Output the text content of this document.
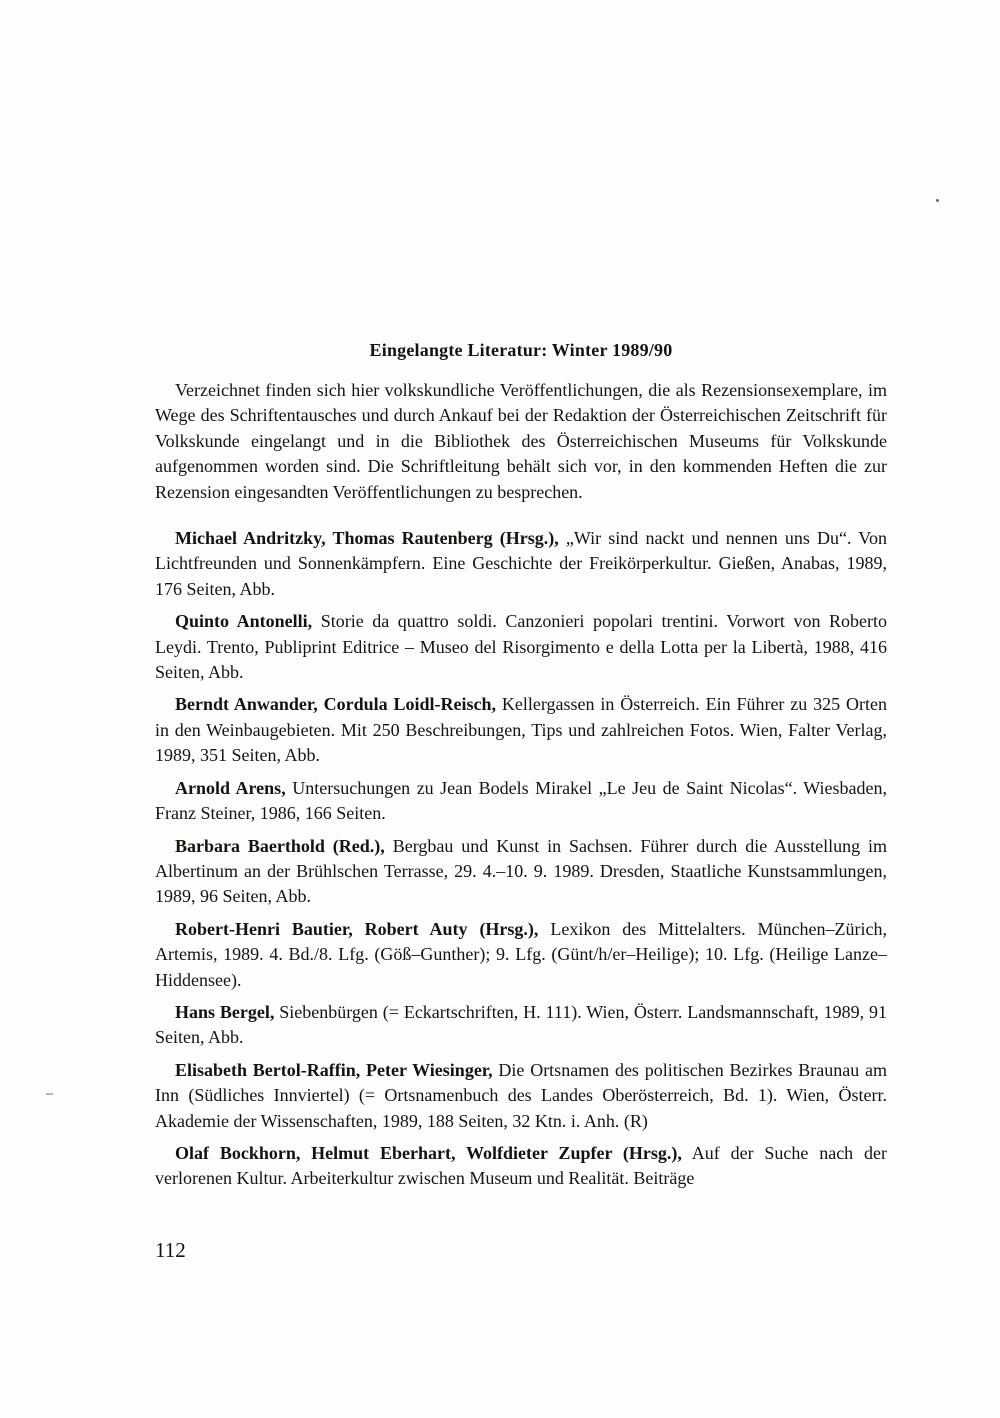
Eingelangte Literatur: Winter 1989/90

Verzeichnet finden sich hier volkskundliche Veröffentlichungen, die als Rezensionsexemplare, im Wege des Schriftentausches und durch Ankauf bei der Redaktion der Österreichischen Zeitschrift für Volkskunde eingelangt und in die Bibliothek des Österreichischen Museums für Volkskunde aufgenommen worden sind. Die Schriftleitung behält sich vor, in den kommenden Heften die zur Rezension eingesandten Veröffentlichungen zu besprechen.

Michael Andritzky, Thomas Rautenberg (Hrsg.), „Wir sind nackt und nennen uns Du“. Von Lichtfreunden und Sonnenkämpfern. Eine Geschichte der Freikörperkultur. Gießen, Anabas, 1989, 176 Seiten, Abb.

Quinto Antonelli, Storie da quattro soldi. Canzonieri popolari trentini. Vorwort von Roberto Leydi. Trento, Publiprint Editrice – Museo del Risorgimento e della Lotta per la Libertà, 1988, 416 Seiten, Abb.

Berndt Anwander, Cordula Loidl-Reisch, Kellergassen in Österreich. Ein Führer zu 325 Orten in den Weinbaugebieten. Mit 250 Beschreibungen, Tips und zahlreichen Fotos. Wien, Falter Verlag, 1989, 351 Seiten, Abb.

Arnold Arens, Untersuchungen zu Jean Bodels Mirakel „Le Jeu de Saint Nicolas“. Wiesbaden, Franz Steiner, 1986, 166 Seiten.

Barbara Baerthold (Red.), Bergbau und Kunst in Sachsen. Führer durch die Ausstellung im Albertinum an der Brühlschen Terrasse, 29. 4.–10. 9. 1989. Dresden, Staatliche Kunstsammlungen, 1989, 96 Seiten, Abb.

Robert-Henri Bautier, Robert Auty (Hrsg.), Lexikon des Mittelalters. München–Zürich, Artemis, 1989. 4. Bd./8. Lfg. (Göß–Gunther); 9. Lfg. (Günt/h/er–Heilige); 10. Lfg. (Heilige Lanze–Hiddensee).

Hans Bergel, Siebenbürgen (= Eckartschriften, H. 111). Wien, Österr. Landsmannschaft, 1989, 91 Seiten, Abb.

Elisabeth Bertol-Raffin, Peter Wiesinger, Die Ortsnamen des politischen Bezirkes Braunau am Inn (Südliches Innviertel) (= Ortsnamenbuch des Landes Oberösterreich, Bd. 1). Wien, Österr. Akademie der Wissenschaften, 1989, 188 Seiten, 32 Ktn. i. Anh. (R)

Olaf Bockhorn, Helmut Eberhart, Wolfdieter Zupfer (Hrsg.), Auf der Suche nach der verlorenen Kultur. Arbeiterkultur zwischen Museum und Realität. Beiträge

112
